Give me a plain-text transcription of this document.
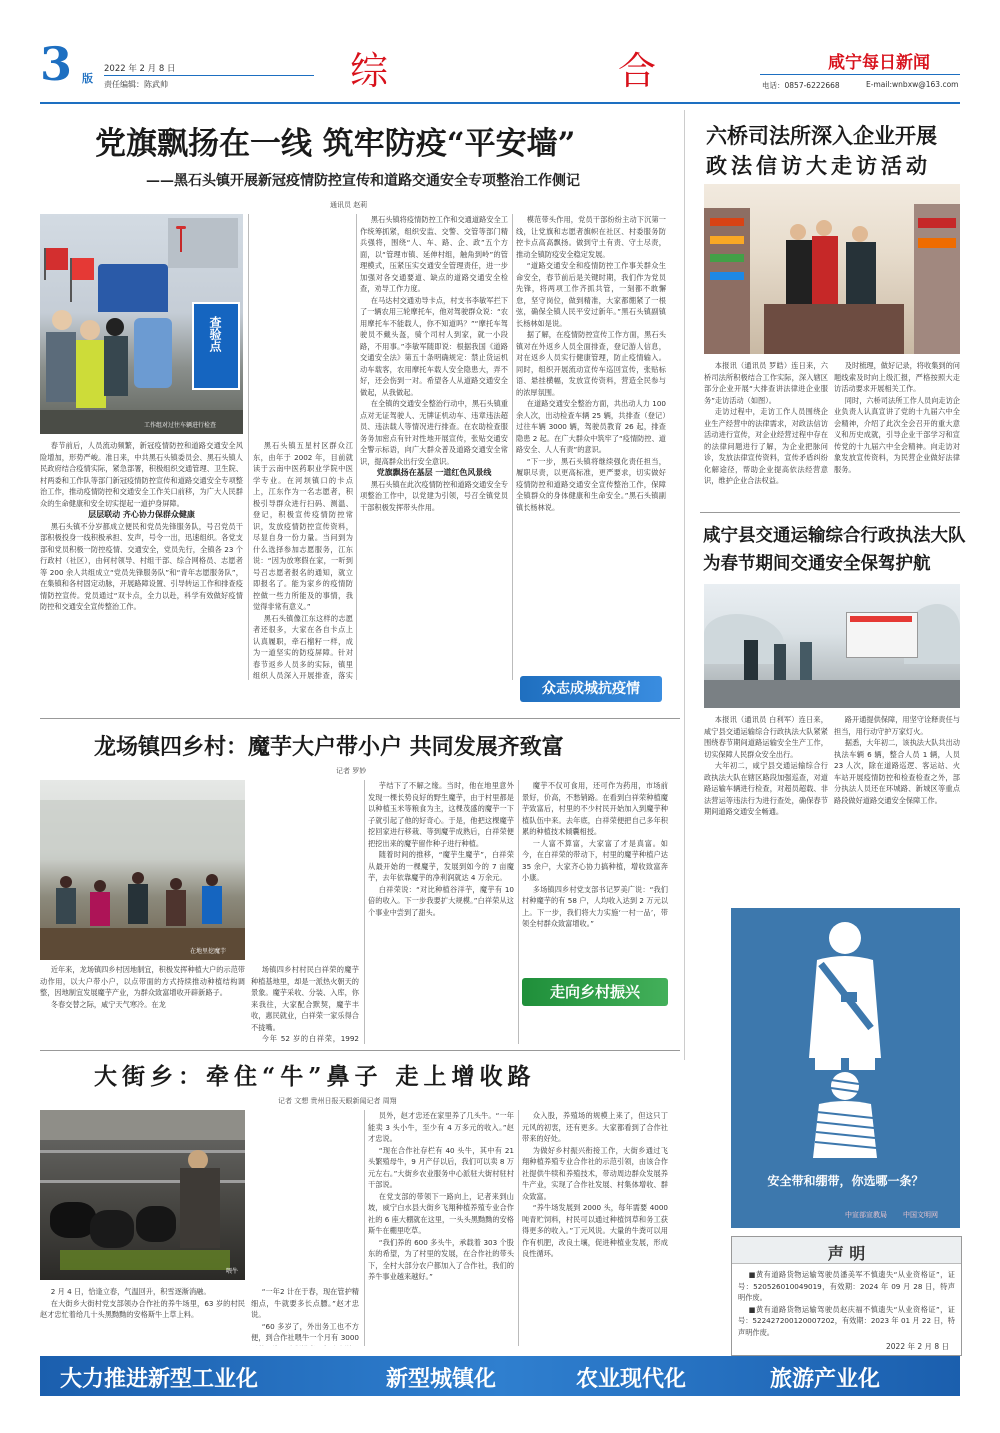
3 版
2022 年 2 月 8 日
责任编辑：陈武帅	综	合	咸宁每日新闻
电话：0857-6222668	E-mail:wnbxw@163.com
党旗飘扬在一线 筑牢防疫“平安墙”
——黑石头镇开展新冠疫情防控宣传和道路交通安全专项整治工作侧记
通讯员 赵莉
查验点
工作组对过往车辆进行检查

春节前后，人员流动频繁，新冠疫情防控和道路交通安全风险增加，形势严峻。准日来，中共黑石头镇委员会、黑石头镇人民政府结合疫情实际，紧急部署，积极组织交通管理、卫生院、村两委和工作队等部门新冠疫情防控宣传和道路交通安全专项整治工作，推动疫情防控和交通安全工作关口前移，为广大人民群众的生命健康和安全切实提起一道护身屏障。

层层联动 齐心协力保群众健康

黑石头镇不分岁都成立便民和党员先锋服务队，号召党员干部积极投身一线积极承担、发声，号令一出，迅速组织。各党支部和党员积极一防控疫情、交通安全，党员先行，全镇各 23 个行政村（社区），由何村领导、村组干部、综合网格员、志愿者等 200 余人共组成立“党员先锋服务队”和“青年志愿服务队”，在集镇和各村固定动脉，开展路障设置、引导转运工作和排查疫情防控宣传。党员通过“双卡点，全力以赴，科学有效做好疫情防控和交通安全宣传整治工作。

黑石头镇五星村区群众江东，由年于 2002 年，目前就读于云南中医药职业学院中医学专业。在河坝镇口的卡点上，江东作为一名志愿者，积极引导群众进行扫码、测温、登记，积极宣传疫情防控常识，发放疫情防控宣传资料，尽显自身一份力量。当问到为什么选择参加志愿服务，江东说：“因为放寒假在家，一听到号召志愿者报名的通知，就立即报名了。能为家乡的疫情防控做一些力所能及的事情，我觉得非常有意义。”

黑石头镇像江东这样的志愿者还很多，大家在各自卡点上认真履职，牵石榴籽一样，成为一道坚实的防疫屏障。针对春节返乡人员多的实际，镇里组织人员深入开展排查，落实

黑石头镇将疫情防控工作和交通道路安全工作统筹抓紧，组织安监、交警、交管等部门精兵强将，围绕“人、车、路、企、政”五个方面，以“管理市镇、延伸村组，触角到岭”的管理模式，压紧压实交通安全管理责任，进一步加强对各交通要道、缺点的道路交通安全检查，劝导工作力度。

在马达村交通劝导卡点，村支书李敏军拦下了一辆农用三轮摩托车，他对驾驶群众说：“农用摩托车不能载人，你不知道吗？”“摩托车驾驶员不戴头盔，骑个司村人到家，就一小段路，不用事。”李敏军随即说：根据我国《道路交通安全法》第五十条明确规定：禁止货运机动车载客，农用摩托车载人安全隐患大，弄不好，还会伤到一对。希望各人从道路交通安全做起，从我做起。

在全镇的交通安全整治行动中，黑石头镇重点对无证驾驶人、无牌证机动车、违章违法超员、违法载人等情况进行排查。在农助检查服务务加密点有针对性地开展宣传，张贴交通安全警示标语，向广大群众普及道路交通安全常识，提高群众出行安全意识。

党旗飘扬在基层 一道红色风景线

黑石头镇在此次疫情防控和道路交通安全专项整治工作中，以党建为引领，号召全镇党员干部积极发挥带头作用。

模范带头作用，党员干部纷纷主动下沉第一线，让党旗和志愿者旗帜在社区、村委服务防控卡点高高飘扬。做到守土有责、守土尽责，推动全镇防疫安全稳定发展。

“道路交通安全和疫情防控工作事关群众生命安全，春节前后是关键时期，我们作为党员先锋，将两项工作齐抓共管，一刻都不敢懈怠，坚守岗位，做到精准，大家都绷紧了一根弦，确保全镇人民平安过新年。”黑石头镇副镇长杨林如是说。

据了解，在疫情防控宣传工作方面，黑石头镇对在外返乡人员全面排查，登记游人信息，对在返乡人员实行健康管理，防止疫情输入。同时，组织开展流动宣传车巡回宣传，张贴标语、悬挂横幅，发放宣传资料，营造全民参与的浓厚氛围。

在道路交通安全整治方面，共出动人力 100 余人次，出动检查车辆 25 辆，共排查（登记）过往车辆 3000 辆，驾驶员教育 26 起，排查隐患 2 起。在广大群众中筑牢了“疫情防控、道路安全、人人有责”的意识。

“下一步，黑石头镇将继续强化责任担当，履职尽责，以更高标准，更严要求，切实做好疫情防控和道路交通安全宣传整治工作，保障全镇群众的身体健康和生命安全。”黑石头镇副镇长杨林说。

众志成城抗疫情
六桥司法所深入企业开展
政法信访大走访活动

本报讯（通讯员 罗皓）连日来，六桥司法所积极结合工作实际，深入辖区部分企业开展“大排查讲法律进企业服务”走访活动（如图）。

走访过程中，走访工作人员围绕企业生产经营中的法律需求，对政法信访活动进行宣传，对企业经营过程中存在的法律问题进行了解，为企业把脉问诊，发放法律宣传资料，宣传矛盾纠纷化解途径，帮助企业提高依法经营意识，维护企业合法权益。

及时梳理，做好记录，将收集到的问题线索及时向上级汇报，严格按照大走访活动要求开展相关工作。

同时，六桥司法所工作人员向走访企业负责人认真宣讲了党的十九届六中全会精神，介绍了此次全会召开的重大意义和历史成就，引导企业干部学习和宣传党的十九届六中全会精神。向走访对象发放宣传资料，为民营企业做好法律服务。

咸宁县交通运输综合行政执法大队
为春节期间交通安全保驾护航

本报讯（通讯员 白利军）连日来，咸宁县交通运输综合行政执法大队紧紧围绕春节期间道路运输安全生产工作，切实保障人民群众安全出行。

大年初二，咸宁县交通运输综合行政执法大队在辖区路段加强巡查，对道路运输车辆进行检查，对超员超载、非法营运等违法行为进行查处，确保春节期间道路交通安全畅通。

路开通提供保障，用坚守诠释责任与担当，用行动守护万家灯火。

据悉，大年初二，该执法大队共出动执法车辆 6 辆，整合人员 1 辆，人员 23 人次，除在道路巡逻、客运站、火车站开展疫情防控和检查检查之外，部分执法人员还在环城路、新城区等重点路段做好道路交通安全保障工作。

安全带和绷带，你选哪一条？
中宣部宣教局 中国文明网
声 明

■黄有道路货物运输驾驶员潘美军不慎遗失“从业资格证”，证号：520526010049019，有效期：2024 年 09 月 28 日，特声明作废。

■黄有道路货物运输驾驶员赵庆福不慎遗失“从业资格证”，证号：522427200120007202，有效期：2023 年 01 月 22 日，特声明作废。

2022 年 2 月 8 日
龙场镇四乡村：魔芋大户带小户 共同发展齐致富
记者 罗妙
在地里挖魔芋

近年来，龙场镇四乡村因地制宜，积极发挥种植大户的示范带动作用，以大户带小户，以点带面的方式持续推动种植结构调整，因地制宜发展魔芋产业，为群众致富增收开辟新路子。

冬春交替之际，咸宁天气寒冷。在龙

场镇四乡村村民白祥荣的魔芋种植基地里，却是一派热火朝天的景象。魔芋采收、分装、入库，你来我往，大家配合默契，魔芋丰收，惠民就业，白祥荣一家乐得合不拢嘴。

今年 52 岁的白祥荣，1992

芋结下了不解之缘。当时，他在地里意外发现一棵长势良好的野生魔芋，由于村里都是以种植玉米等粮食为主，这棵茂盛的魔芋一下子就引起了他的好奇心。于是，他把这棵魔芋挖回家进行移栽、等到魔芋成熟后，白祥荣便把挖出来的魔芋留作种子进行种植。

随着时间的推移，“魔芋生魔芋”，白祥荣从最开始的一棵魔芋，发展到如今的 7 亩魔芋，去年依靠魔芋的净利润就达 4 万余元。

白祥荣说：“对比种植谷洋芋，魔芋有 10 倍的收入。下一步我要扩大规模。”白祥荣从这个事业中尝到了甜头。

魔芋不仅可食用，还可作为药用，市场前景好，价高，不愁销路。在看到白祥荣种植魔芋致富后，村里的不少村民开始加入到魔芋种植队伍中来。去年底，白祥荣便把自己多年积累的种植技术倾囊相授。

一人富不算富，大家富了才是真富。如今，在白祥荣的带动下，村里的魔芋种植户达 35 余户，大家齐心协力搞种植，增收致富奔小康。

多场镇四乡村党支部书记罗美广说：“我们村种魔芋的有 58 户，人均收入达到 2 万元以上。下一步，我们将大力实施‘一村一品’，带领全村群众致富增收。”

走向乡村振兴
大街乡：牵住“牛”鼻子 走上增收路
记者 文想 贵州日报天眼新闻记者 周翔
喂牛

2 月 4 日，恰逢立春，气温回升，积雪逐渐消融。

在大街乡大街村党支部领办合作社的养牛场里，63 岁的村民赵才忠忙着给几十头黑黝黝的安格斯牛上草上料。

“一年2 计在于春，现在管护精细点，牛就要多长点膘。”赵才忠说。

“60 多岁了，外出务工也不方便，到合作社喂牛一个月有 3000

员外，赵才忠还在家里养了几头牛。“一年能卖 3 头小牛，至少有 4 万多元的收入。”赵才忠说。

“现在合作社存栏有 40 头牛，其中有 21 头繁殖母牛，9 月产仔以后，我们可以卖 8 万元左右。”大街乡农业服务中心派驻大街村驻村干部说。

在党支部的带领下一路向上，记者来到山坡，威宁白水县大街乡飞翔种植养殖专业合作社的 6 座大棚就在这里，一头头黑黝黝的安格斯牛在棚里吃草。

“我们养的 600 多头牛，承载着 303 个股东的希望，为了村里的发展，在合作社的带头下，全村大部分农户都加入了合作社，我们的养牛事业越来越好。”

众入股，养殖场的规模上来了，但这只丁元风的初衷，还有更多。大家都看到了合作社带来的好处。

为做好乡村振兴衔接工作，大街乡通过飞翔种植养殖专业合作社的示范引领，由该合作社提供牛犊和养殖技术，带动周边群众发展养牛产业，实现了合作社发展、村集体增收、群众致富。

“养牛场发展到 2000 头，每年需要 4000 吨青贮饲料，村民可以通过种植饲草和务工获得更多的收入。”丁元风说。大量的牛粪可以用作有机肥，改良土壤，促进种植业发展，形成良性循环。

大力推进新型工业化	新型城镇化	农业现代化	旅游产业化
